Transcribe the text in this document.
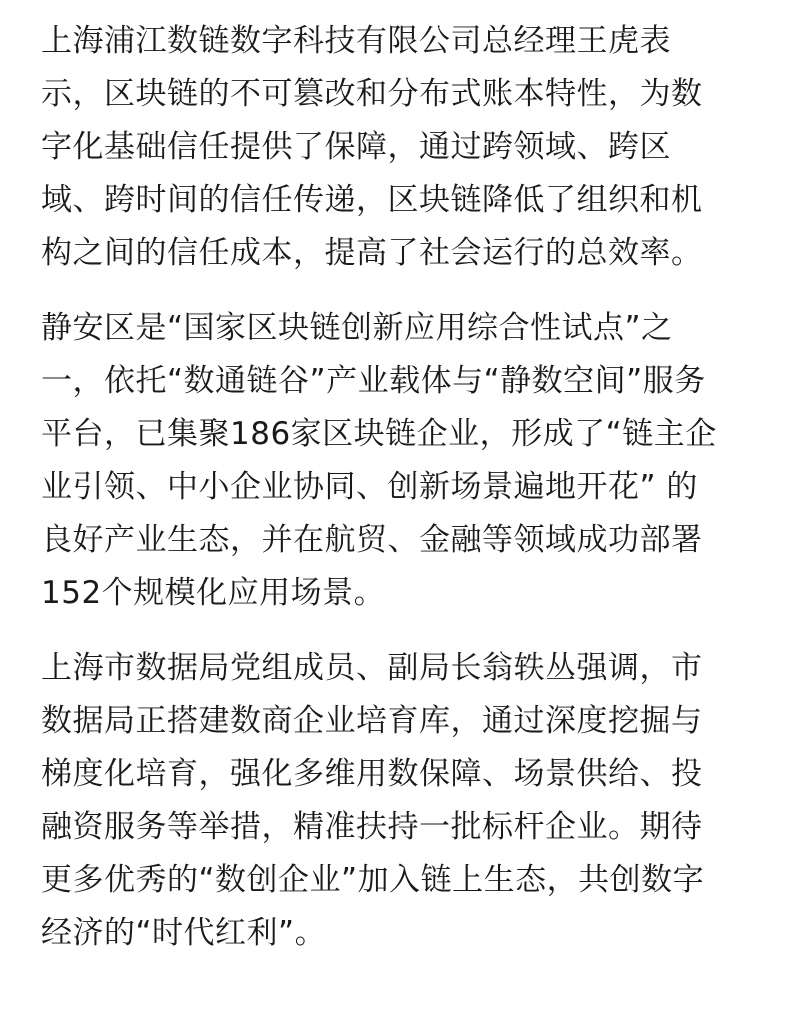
上海浦江数链数字科技有限公司总经理王虎表
示，区块链的不可篡改和分布式账本特性，为数
字化基础信任提供了保障，通过跨领域、跨区
域、跨时间的信任传递，区块链降低了组织和机
构之间的信任成本，提高了社会运行的总效率。
静安区是“国家区块链创新应用综合性试点”之
一，依托“数通链谷”产业载体与“静数空间”服务
平台，已集聚186家区块链企业，形成了“链主企
业引领、中小企业协同、创新场景遍地开花” 的
良好产业生态，并在航贸、金融等领域成功部署
152个规模化应用场景。
上海市数据局党组成员、副局长翁轶丛强调，市
数据局正搭建数商企业培育库，通过深度挖掘与
梯度化培育，强化多维用数保障、场景供给、投
融资服务等举措，精准扶持一批标杆企业。期待
更多优秀的“数创企业”加入链上生态，共创数字
经济的“时代红利”。
